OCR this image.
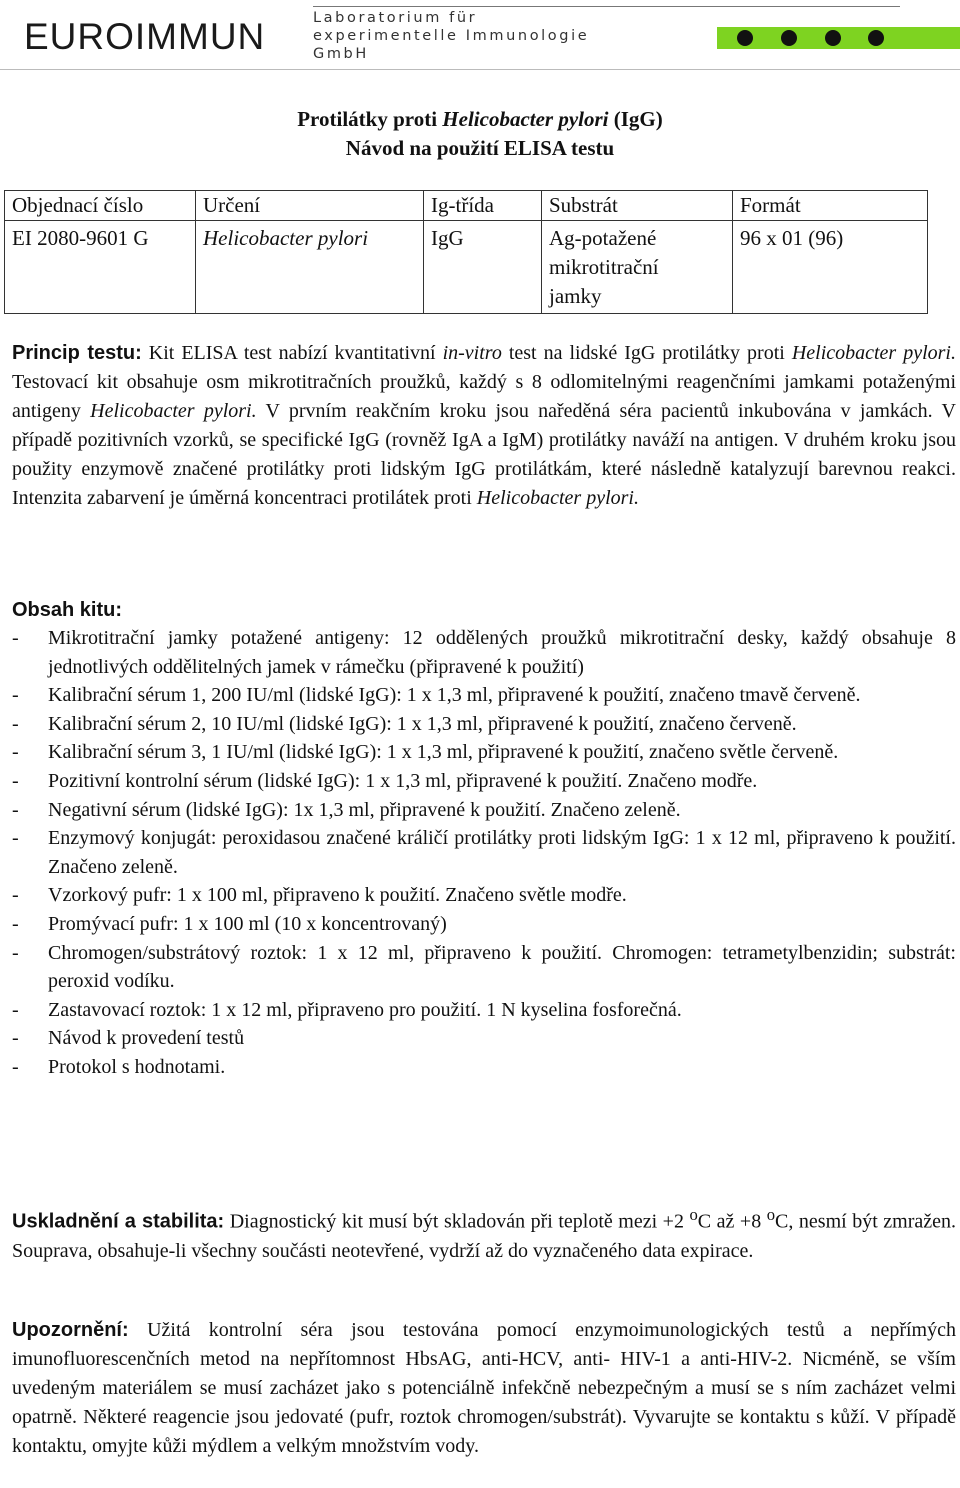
EUROIMMUN	Laboratorium für
experimentelle Immunologie
GmbH
Protilátky proti Helicobacter pylori (IgG)
Návod na použití ELISA testu
Objednací číslo	Určení	Ig-třída	Substrát	Formát
EI 2080-9601 G	Helicobacter pylori	IgG	Ag-potažené
mikrotitrační
jamky	96 x 01 (96)
Princip testu: Kit ELISA test nabízí kvantitativní in-vitro test na lidské IgG protilátky proti Helicobacter pylori. Testovací kit obsahuje osm mikrotitračních proužků, každý s 8 odlomitelnými reagenčními jamkami potaženými antigeny Helicobacter pylori. V prvním reakčním kroku jsou naředěná séra pacientů inkubována v jamkách. V případě pozitivních vzorků, se specifické IgG (rovněž IgA a IgM) protilátky naváží na antigen. V druhém kroku jsou použity enzymově značené protilátky proti lidským IgG protilátkám, které následně katalyzují barevnou reakci. Intenzita zabarvení je úměrná koncentraci protilátek proti Helicobacter pylori.
Obsah kitu:
- Mikrotitrační jamky potažené antigeny: 12 oddělených proužků mikrotitrační desky, každý obsahuje 8 jednotlivých oddělitelných jamek v rámečku (připravené k použití)
- Kalibrační sérum 1, 200 IU/ml (lidské IgG): 1 x 1,3 ml, připravené k použití, značeno tmavě červeně.
- Kalibrační sérum 2, 10 IU/ml (lidské IgG): 1 x 1,3 ml, připravené k použití, značeno červeně.
- Kalibrační sérum 3, 1 IU/ml (lidské IgG): 1 x 1,3 ml, připravené k použití, značeno světle červeně.
- Pozitivní kontrolní sérum (lidské IgG): 1 x 1,3 ml, připravené k použití. Značeno modře.
- Negativní sérum (lidské IgG): 1x 1,3 ml, připravené k použití. Značeno zeleně.
- Enzymový konjugát: peroxidasou značené králičí protilátky proti lidským IgG: 1 x 12 ml, připraveno k použití. Značeno zeleně.
- Vzorkový pufr: 1 x 100 ml, připraveno k použití. Značeno světle modře.
- Promývací pufr: 1 x 100 ml (10 x koncentrovaný)
- Chromogen/substrátový roztok: 1 x 12 ml, připraveno k použití. Chromogen: tetrametylbenzidin; substrát: peroxid vodíku.
- Zastavovací roztok: 1 x 12 ml, připraveno pro použití. 1 N kyselina fosforečná.
- Návod k provedení testů
- Protokol s hodnotami.
Uskladnění a stabilita: Diagnostický kit musí být skladován při teplotě mezi +2 $^o$C až +8 $^o$C, nesmí být zmražen. Souprava, obsahuje-li všechny součásti neotevřené, vydrží až do vyznačeného data expirace.
Upozornění: Užitá kontrolní séra jsou testována pomocí enzymoimunologických testů a nepřímých imunofluorescenčních metod na nepřítomnost HbsAG, anti-HCV, anti- HIV-1 a anti-HIV-2. Nicméně, se vším uvedeným materiálem se musí zacházet jako s potenciálně infekčně nebezpečným a musí se s ním zacházet velmi opatrně. Některé reagencie jsou jedovaté (pufr, roztok chromogen/substrát). Vyvarujte se kontaktu s kůží. V případě kontaktu, omyjte kůži mýdlem a velkým množstvím vody.
